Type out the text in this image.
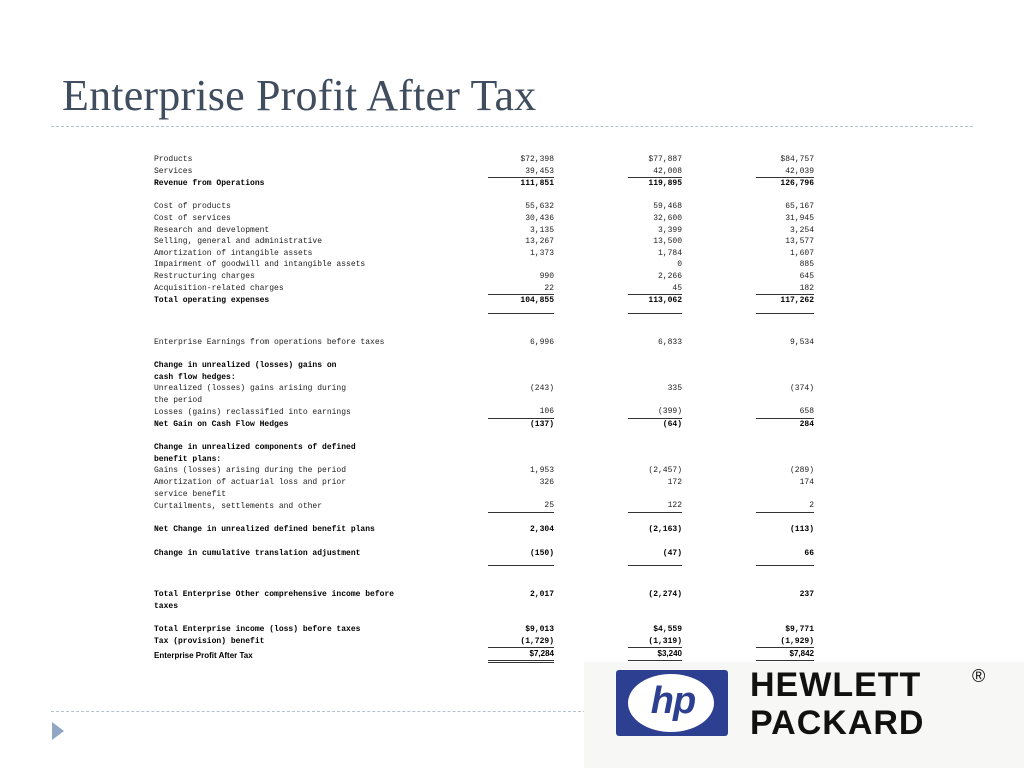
Enterprise Profit After Tax
Products	$72,398		$77,887		$84,757
Services	39,453		42,008		42,039
Revenue from Operations	111,851		119,895		126,796

Cost of products	55,632		59,468		65,167
Cost of services	30,436		32,600		31,945
Research and development	3,135		3,399		3,254
Selling, general and administrative	13,267		13,500		13,577
Amortization of intangible assets	1,373		1,784		1,607
Impairment of goodwill and intangible assets			0		885
Restructuring charges	990		2,266		645
Acquisition-related charges	22		45		182
Total operating expenses	104,855		113,062		117,262

Enterprise Earnings from operations before taxes	6,996		6,833		9,534

Change in unrealized (losses) gains on					
cash flow hedges:					
Unrealized (losses) gains arising during	(243)		335		(374)
the period					
Losses (gains) reclassified into earnings	106		(399)		658
Net Gain on Cash Flow Hedges	(137)		(64)		284

Change in unrealized components of defined					
benefit plans:					
Gains (losses) arising during the period	1,953		(2,457)		(289)
Amortization of actuarial loss and prior	326		172		174
service benefit					
Curtailments, settlements and other	25		122		2

Net Change in unrealized defined benefit plans	2,304		(2,163)		(113)

Change in cumulative translation adjustment	(150)		(47)		66

Total Enterprise Other comprehensive income before	2,017		(2,274)		237
taxes					

Total Enterprise income (loss) before taxes	$9,013		$4,559		$9,771
Tax (provision) benefit	(1,729)		(1,319)		(1,929)
Enterprise Profit After Tax	$7,284		$3,240		$7,842
hp	HEWLETT
PACKARD
®
